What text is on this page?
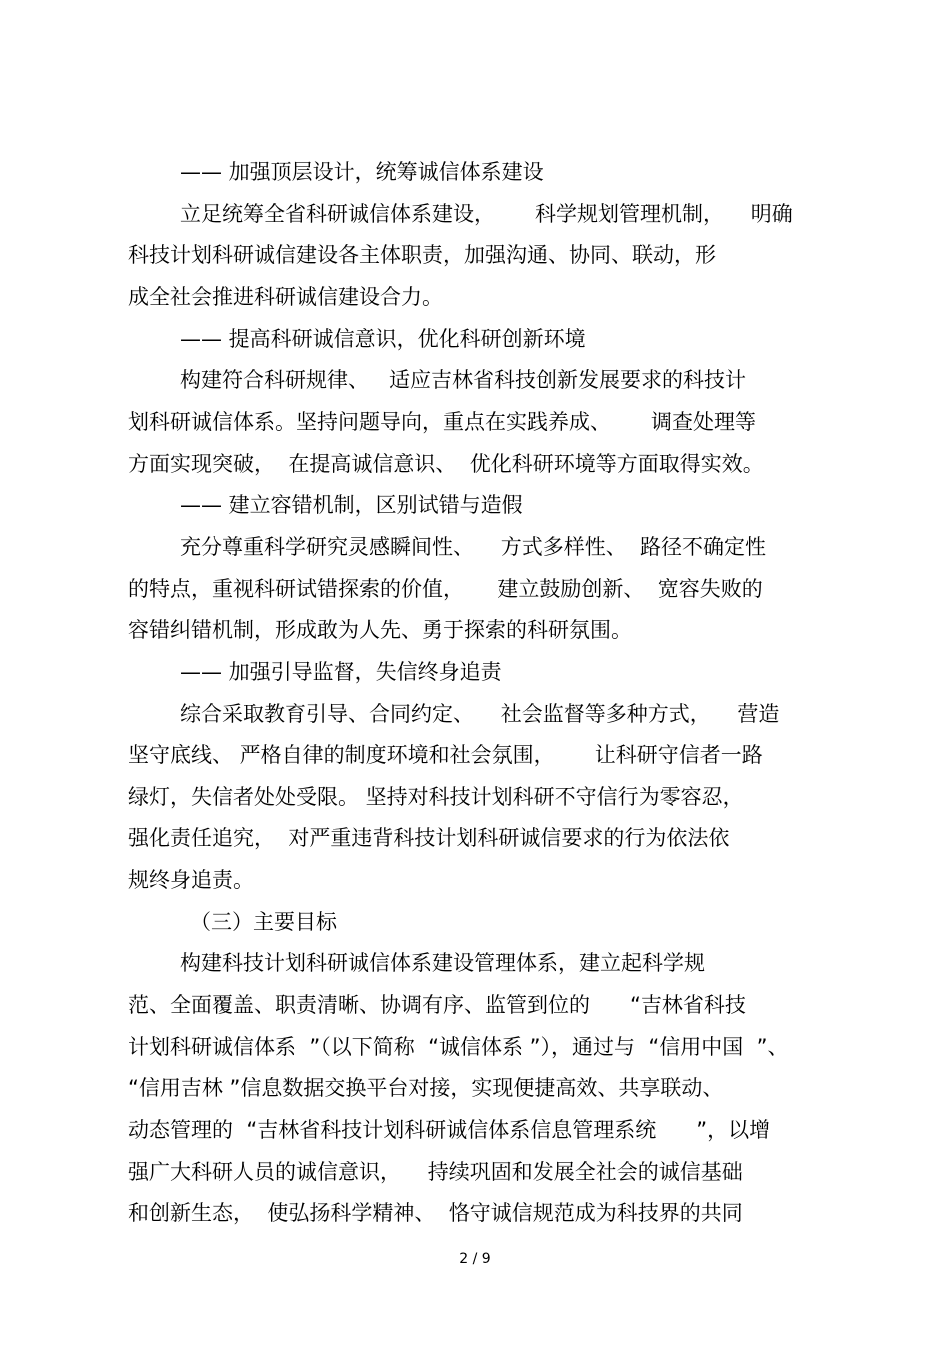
—— 加强顶层设计，统筹诚信体系建设

立足统筹全省科研诚信体系建设，      科学规划管理机制，    明确

科技计划科研诚信建设各主体职责，加强沟通、协同、联动，形

成全社会推进科研诚信建设合力。

—— 提高科研诚信意识，优化科研创新环境

构建符合科研规律、   适应吉林省科技创新发展要求的科技计

划科研诚信体系。坚持问题导向，重点在实践养成、      调查处理等

方面实现突破，  在提高诚信意识、  优化科研环境等方面取得实效。

—— 建立容错机制，区别试错与造假

充分尊重科学研究灵感瞬间性、    方式多样性、  路径不确定性

的特点，重视科研试错探索的价值，     建立鼓励创新、  宽容失败的

容错纠错机制，形成敢为人先、勇于探索的科研氛围。

—— 加强引导监督，失信终身追责

综合采取教育引导、合同约定、    社会监督等多种方式，    营造

坚守底线、 严格自律的制度环境和社会氛围，      让科研守信者一路

绿灯，失信者处处受限。 坚持对科技计划科研不守信行为零容忍，

强化责任追究，  对严重违背科技计划科研诚信要求的行为依法依

规终身追责。

（三）主要目标

构建科技计划科研诚信体系建设管理体系，建立起科学规

范、全面覆盖、职责清晰、协调有序、监管到位的      “吉林省科技

计划科研诚信体系  ”（以下简称  “诚信体系 ”），通过与  “信用中国  ”、

“信用吉林 ”信息数据交换平台对接，实现便捷高效、共享联动、

动态管理的  “吉林省科技计划科研诚信体系信息管理系统      ”，以增

强广大科研人员的诚信意识，    持续巩固和发展全社会的诚信基础

和创新生态，  使弘扬科学精神、  恪守诚信规范成为科技界的共同

2 / 9
